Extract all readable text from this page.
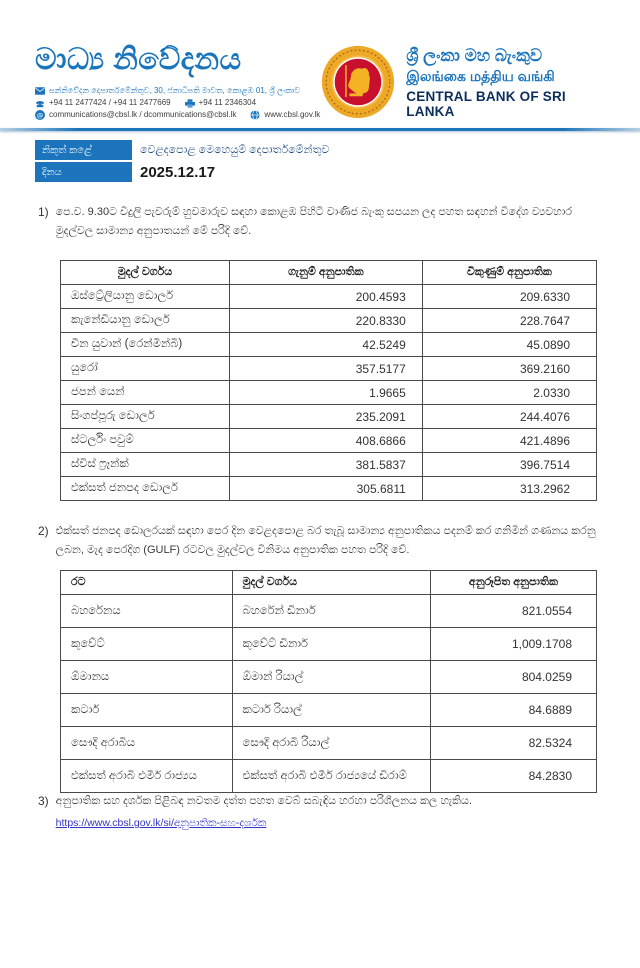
මාධ්‍ය නිවේදනය
සන්නිවේදන දෙපාර්තමේන්තුව, 30, ජනාධිපති මාවත, කොළඹ 01, ශ්‍රී ලංකාව
+94 11 2477424 / +94 11 2477669	+94 11 2346304
@ communications@cbsl.lk / dcommunications@cbsl.lk	www.cbsl.gov.lk
ශ්‍රී ලංකා මහ බැංකුව
இலங்கை மத்திய வங்கி
CENTRAL BANK OF SRI LANKA
නිකුත් කළේ	වෙළදපොළ මෙහෙයුම් දෙපාර්තමේන්තුව
දිනය	2025.12.17
1) පෙ.ව. 9.30ට විදුලි පැවරුම් හුවමාරුව සඳහා කොළඹ පිහිටි වාණිජ බැංකු සපයන ලද පහත සඳහන් විදේශ ව්‍යවහාර මුදල්වල සාමාන්‍ය අනුපාතයන් මේ පරිදි වේ.
මුදල් වර්ගය	ගැනුම් අනුපාතික	විකුණුම් අනුපාතික
ඔස්ට්‍රේලියානු ඩොලර්	200.4593	209.6330
කැනේඩියානු ඩොලර්	220.8330	228.7647
චීන යුවාන් (රෙන්මින්බි)	42.5249	45.0890
යුරෝ	357.5177	369.2160
ජපන් යෙන්	1.9665	2.0330
සිංගප්පූරු ඩොලර්	235.2091	244.4076
ස්ටර්ලිං පවුම්	408.6866	421.4896
ස්විස් ෆ්‍රෑන්ක්	381.5837	396.7514
එක්සත් ජනපද ඩොලර්	305.6811	313.2962
2) එක්සත් ජනපද ඩොලරයක් සඳහා පෙර දින වෙළදපොළ බර තැබූ සාමාන්‍ය අනුපාතිකය පදනම් කර ගනිමින් ගණනය කරනු ලබන, මැද පෙරදිග (GULF) රටවල මුදල්වල විනිමය අනුපාතික පහත පරිදි වේ.
රට	මුදල් වර්ගය	අනුරූපිත අනුපාතික
බහරේනය	බහරේන් ඩිනාර්	821.0554
කුවේට්	කුවේට් ඩිනාර්	1,009.1708
ඕමානය	ඕමාන් රියාල්	804.0259
කටාර්	කටාර් රියාල්	84.6889
සෞදි අරාබිය	සෞදි අරාබි රියාල්	82.5324
එක්සත් අරාබි එමීර් රාජ්‍යය	එක්සත් අරාබි එමීර් රාජ්‍යයේ ඩිරාම්	84.2830
3) අනුපාතික සහ දර්ශක පිළිබඳ නවතම දත්ත පහත වෙබ් සබැඳිය හරහා පරිශීලනය කල හැකිය.
https://www.cbsl.gov.lk/si/අනුපාතික-සහ-දර්ශක
